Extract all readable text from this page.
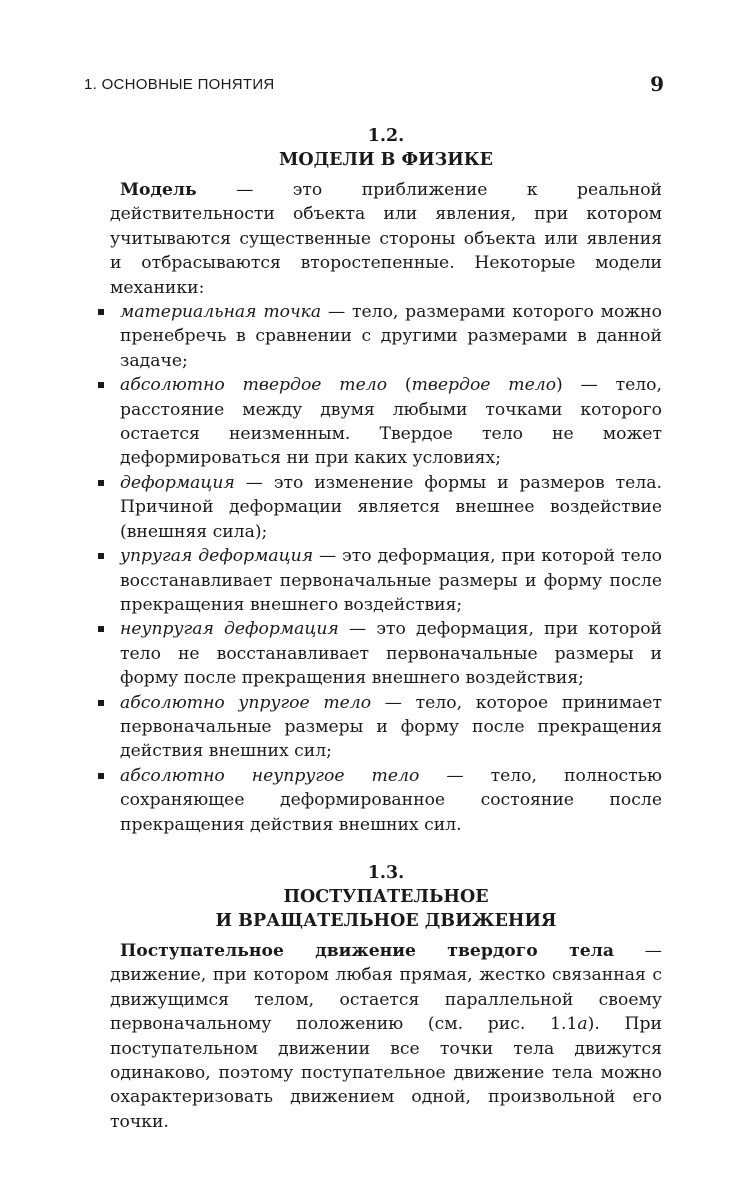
1. ОСНОВНЫЕ ПОНЯТИЯ	9
1.2.
МОДЕЛИ В ФИЗИКЕ

Модель — это приближение к реальной действительности объекта или явления, при котором учитываются существенные стороны объекта или явления и отбрасываются второстепенные. Некоторые модели механики:

материальная точка — тело, размерами которого можно пренебречь в сравнении с другими размерами в данной задаче;
абсолютно твердое тело (твердое тело) — тело, расстояние между двумя любыми точками которого остается неизменным. Твердое тело не может деформироваться ни при каких условиях;
деформация — это изменение формы и размеров тела. Причиной деформации является внешнее воздействие (внешняя сила);
упругая деформация — это деформация, при которой тело восстанавливает первоначальные размеры и форму после прекращения внешнего воздействия;
неупругая деформация — это деформация, при которой тело не восстанавливает первоначальные размеры и форму после прекращения внешнего воздействия;
абсолютно упругое тело — тело, которое принимает первоначальные размеры и форму после прекращения действия внешних сил;
абсолютно неупругое тело — тело, полностью сохраняющее деформированное состояние после прекращения действия внешних сил.
1.3.
ПОСТУПАТЕЛЬНОЕ
И ВРАЩАТЕЛЬНОЕ ДВИЖЕНИЯ

Поступательное движение твердого тела — движение, при котором любая прямая, жестко связанная с движущимся телом, остается параллельной своему первоначальному положению (см. рис. 1.1а). При поступательном движении все точки тела движутся одинаково, поэтому поступательное движение тела можно охарактеризовать движением одной, произвольной его точки.
